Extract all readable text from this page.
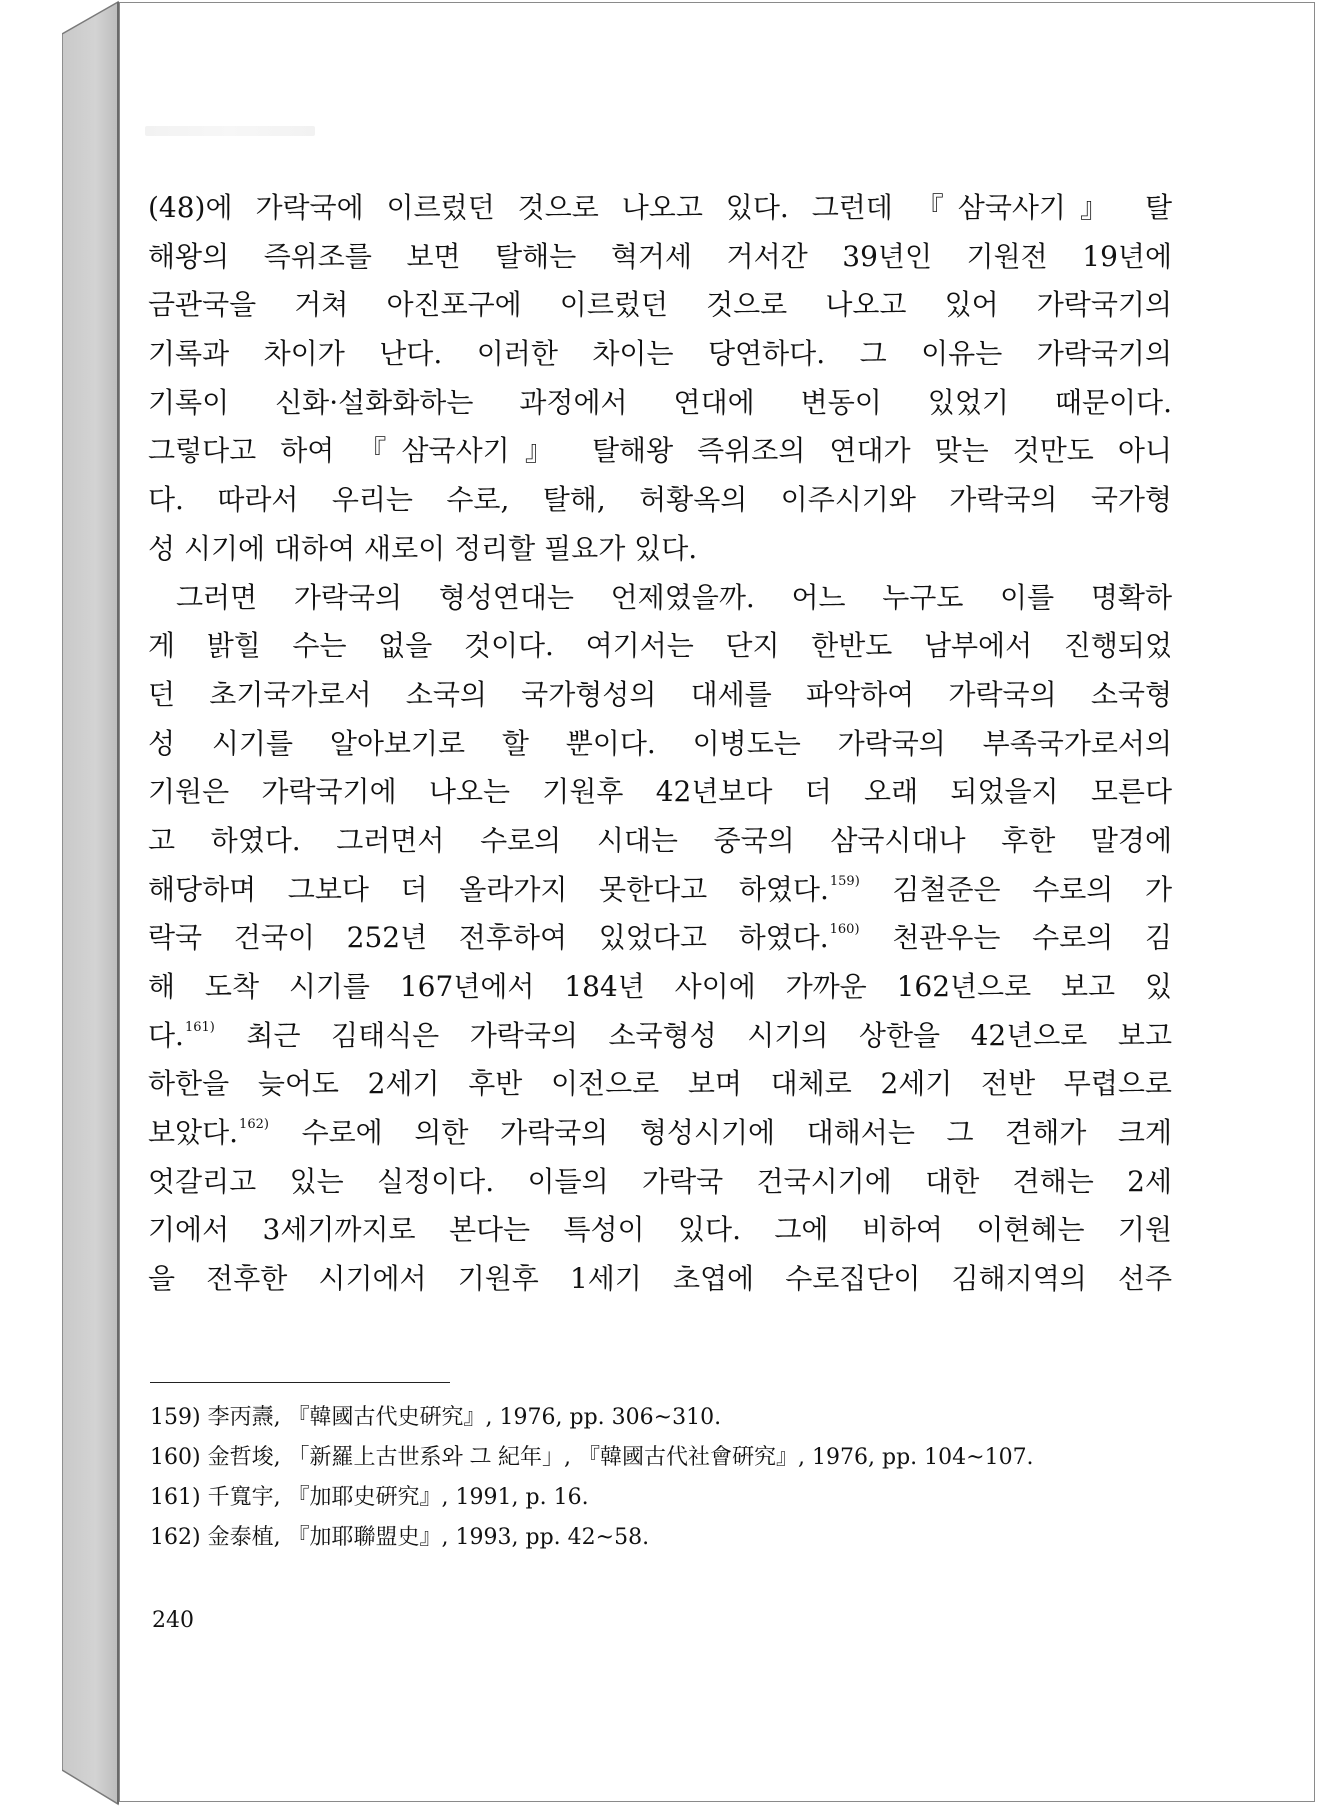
(48)에 가락국에 이르렀던 것으로 나오고 있다. 그런데 『삼국사기』 탈
해왕의 즉위조를 보면 탈해는 혁거세 거서간 39년인 기원전 19년에
금관국을 거쳐 아진포구에 이르렀던 것으로 나오고 있어 가락국기의
기록과 차이가 난다. 이러한 차이는 당연하다. 그 이유는 가락국기의
기록이 신화·설화화하는 과정에서 연대에 변동이 있었기 때문이다.
그렇다고 하여 『삼국사기』 탈해왕 즉위조의 연대가 맞는 것만도 아니
다. 따라서 우리는 수로, 탈해, 허황옥의 이주시기와 가락국의 국가형
성 시기에 대하여 새로이 정리할 필요가 있다.
그러면 가락국의 형성연대는 언제였을까. 어느 누구도 이를 명확하
게 밝힐 수는 없을 것이다. 여기서는 단지 한반도 남부에서 진행되었
던 초기국가로서 소국의 국가형성의 대세를 파악하여 가락국의 소국형
성 시기를 알아보기로 할 뿐이다. 이병도는 가락국의 부족국가로서의
기원은 가락국기에 나오는 기원후 42년보다 더 오래 되었을지 모른다
고 하였다. 그러면서 수로의 시대는 중국의 삼국시대나 후한 말경에
해당하며 그보다 더 올라가지 못한다고 하였다.$^{159)}$ 김철준은 수로의 가
락국 건국이 252년 전후하여 있었다고 하였다.$^{160)}$ 천관우는 수로의 김
해 도착 시기를 167년에서 184년 사이에 가까운 162년으로 보고 있
다.$^{161)}$ 최근 김태식은 가락국의 소국형성 시기의 상한을 42년으로 보고
하한을 늦어도 2세기 후반 이전으로 보며 대체로 2세기 전반 무렵으로
보았다.$^{162)}$ 수로에 의한 가락국의 형성시기에 대해서는 그 견해가 크게
엇갈리고 있는 실정이다. 이들의 가락국 건국시기에 대한 견해는 2세
기에서 3세기까지로 본다는 특성이 있다. 그에 비하여 이현혜는 기원
을 전후한 시기에서 기원후 1세기 초엽에 수로집단이 김해지역의 선주
159) 李丙燾, 『韓國古代史硏究』, 1976, pp. 306~310.
160) 金哲埈, 「新羅上古世系와 그 紀年」, 『韓國古代社會硏究』, 1976, pp. 104~107.
161) 千寬宇, 『加耶史硏究』, 1991, p. 16.
162) 金泰植, 『加耶聯盟史』, 1993, pp. 42~58.
240
